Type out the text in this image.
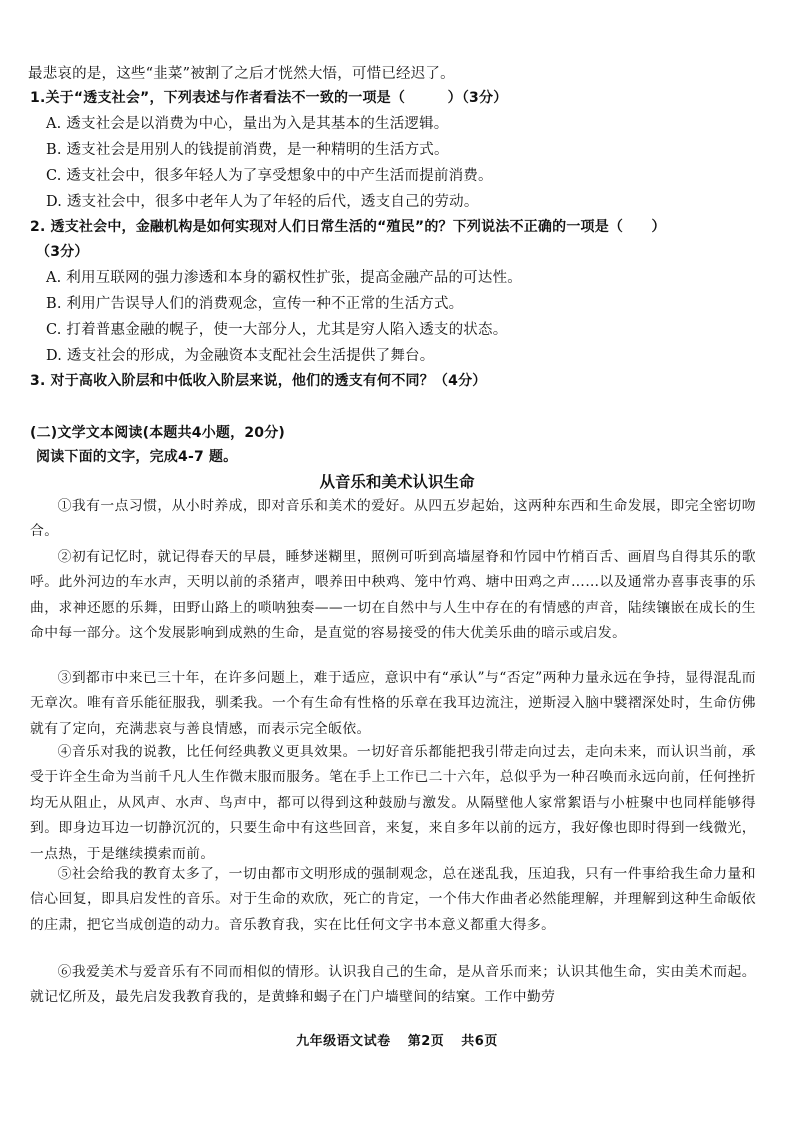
最悲哀的是，这些“韭菜”被割了之后才恍然大悟，可惜已经迟了。
1.关于“透支社会”，下列表述与作者看法不一致的一项是（　　　）（3分）
A. 透支社会是以消费为中心，量出为入是其基本的生活逻辑。
B. 透支社会是用别人的钱提前消费，是一种精明的生活方式。
C. 透支社会中，很多年轻人为了享受想象中的中产生活而提前消费。
D. 透支社会中，很多中老年人为了年轻的后代，透支自己的劳动。
2. 透支社会中，金融机构是如何实现对人们日常生活的“殖民”的？下列说法不正确的一项是（　　）
（3分）
A. 利用互联网的强力渗透和本身的霸权性扩张，提高金融产品的可达性。
B. 利用广告误导人们的消费观念，宣传一种不正常的生活方式。
C. 打着普惠金融的幌子，使一大部分人，尤其是穷人陷入透支的状态。
D. 透支社会的形成，为金融资本支配社会生活提供了舞台。
3. 对于高收入阶层和中低收入阶层来说，他们的透支有何不同？（4分）
(二)文学文本阅读(本题共4小题，20分)
阅读下面的文字，完成4-7 题。
从音乐和美术认识生命
①我有一点习惯，从小时养成，即对音乐和美术的爱好。从四五岁起始，这两种东西和生命发展，即完全密切吻合。
②初有记忆时，就记得春天的早晨，睡梦迷糊里，照例可听到高墙屋脊和竹园中竹梢百舌、画眉鸟自得其乐的歌呼。此外河边的车水声，天明以前的杀猪声，喂养田中秧鸡、笼中竹鸡、塘中田鸡之声……以及通常办喜事丧事的乐曲，求神还愿的乐舞，田野山路上的唢呐独奏——一切在自然中与人生中存在的有情感的声音，陆续镶嵌在成长的生命中每一部分。这个发展影响到成熟的生命，是直觉的容易接受的伟大优美乐曲的暗示或启发。
③到都市中来已三十年，在许多问题上，难于适应，意识中有“承认”与“否定”两种力量永远在争持，显得混乱而无章次。唯有音乐能征服我，驯柔我。一个有生命有性格的乐章在我耳边流注，逆斯浸入脑中襞褶深处时，生命仿佛就有了定向，充满悲哀与善良情感，而表示完全皈依。
④音乐对我的说教，比任何经典教义更具效果。一切好音乐都能把我引带走向过去，走向未来，而认识当前，承受于许全生命为当前千凡人生作微末服而服务。笔在手上工作已二十六年，总似乎为一种召唤而永远向前，任何挫折均无从阻止，从风声、水声、鸟声中，都可以得到这种鼓励与激发。从隔壁他人家常絮语与小桩聚中也同样能够得到。即身边耳边一切静沉沉的，只要生命中有这些回音，来复，来自多年以前的远方，我好像也即时得到一线微光，一点热，于是继续摸索而前。
⑤社会给我的教育太多了，一切由都市文明形成的强制观念，总在迷乱我，压迫我，只有一件事给我生命力量和信心回复，即具启发性的音乐。对于生命的欢欣，死亡的肯定，一个伟大作曲者必然能理解，并理解到这种生命皈依的庄肃，把它当成创造的动力。音乐教育我，实在比任何文字书本意义都重大得多。
⑥我爱美术与爱音乐有不同而相似的情形。认识我自己的生命，是从音乐而来；认识其他生命，实由美术而起。就记忆所及，最先启发我教育我的，是黄蜂和蝎子在门户墙壁间的结窠。工作中勤劳
九年级语文试卷 第2页 共6页
